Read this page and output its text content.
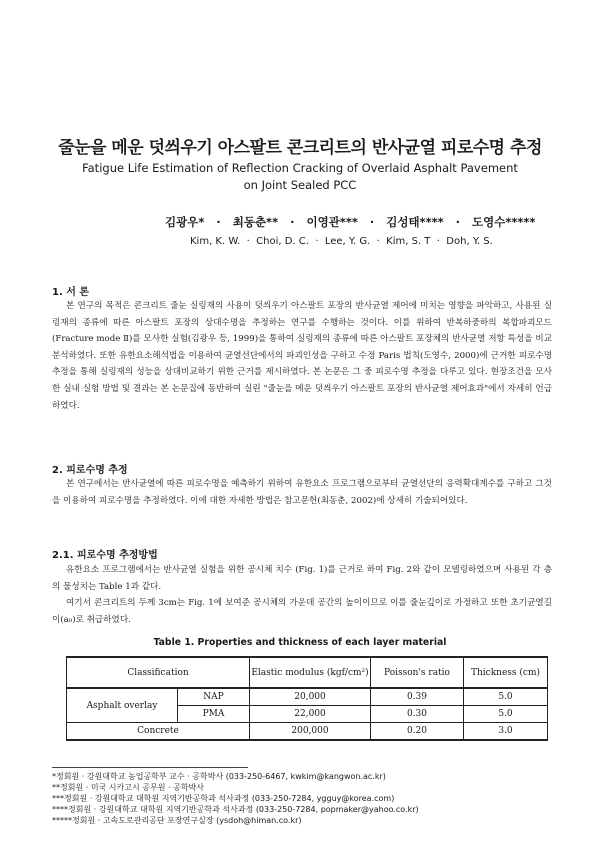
줄눈을 메운 덧씌우기 아스팔트 콘크리트의 반사균열 피로수명 추정
Fatigue Life Estimation of Reflection Cracking of Overlaid Asphalt Pavement
on Joint Sealed PCC
김광우*   ·   최동춘**   ·   이영관***   ·   김성태****   ·   도영수*****
Kim, K. W.  ·  Choi, D. C.  ·  Lee, Y. G.  ·  Kim, S. T  ·  Doh, Y. S.
1. 서 론
본 연구의 목적은 콘크리트 줄눈 실링재의 사용이 덧씌우기 아스팔트 포장의 반사균열 제어에 미치는 영향을 파악하고, 사용된 실링재의 종류에 따른 아스팔트 포장의 상대수명을 추정하는 연구를 수행하는 것이다. 이를 위하여 반복하중하의 복합파괴모드(Fracture mode Ⅱ)를 모사한 실험(김광우 등, 1999)을 통하여 실링재의 종류에 따른 아스팔트 포장체의 반사균열 저항 특성을 비교분석하였다. 또한 유한요소해석법을 이용하여 균열선단에서의 파괴인성을 구하고 수정 Paris 법칙(도영수, 2000)에 근거한 피로수명 추정을 통해 실링재의 성능을 상대비교하기 위한 근거를 제시하였다. 본 논문은 그 중 피로수명 추정을 다루고 있다. 현장조건을 모사한 실내 실험 방법 및 결과는 본 논문집에 동반하여 실린 "줄눈을 메운 덧씌우기 아스팔트 포장의 반사균열 제어효과"에서 자세히 언급하였다.
2. 피로수명 추정
본 연구에서는 반사균열에 따른 피로수명을 예측하기 위하여 유한요소 프로그램으로부터 균열선단의 응력확대계수를 구하고 그것을 이용하여 피로수명을 추정하였다. 이에 대한 자세한 방법은 참고문헌(최동춘, 2002)에 상세히 기술되어있다.
2.1. 피로수명 추정방법
유한요소 프로그램에서는 반사균열 실험을 위한 공시체 치수 (Fig. 1)를 근거로 하여 Fig. 2와 같이 모델링하였으며 사용된 각 층의 물성치는 Table 1과 같다.
여기서 콘크리트의 두께 3cm는 Fig. 1에 보여준 공시체의 가운데 공간의 높이이므로 이를 줄눈깊이로 가정하고 또한 초기균열길이(a₀)로 취급하였다.
Table 1. Properties and thickness of each layer material
Classification		Elastic modulus (kgf/cm²)	Poisson's ratio	Thickness (cm)
Asphalt overlay	NAP	20,000	0.39	5.0
	PMA	22,000	0.30	5.0
Concrete		200,000	0.20	3.0
*정회원 · 강원대학교 농업공학부 교수 · 공학박사 (033-250-6467, kwkim@kangwon.ac.kr)
**정회원 · 미국 시카고시 공무원 · 공학박사
***정회원 · 강원대학교 대학원 지역기반공학과 석사과정 (033-250-7284, ygguy@korea.com)
****정회원 · 강원대학교 대학원 지역기반공학과 석사과정 (033-250-7284, popmaker@yahoo.co.kr)
*****정회원 · 고속도로관리공단 포장연구실장 (ysdoh@himan.co.kr)
